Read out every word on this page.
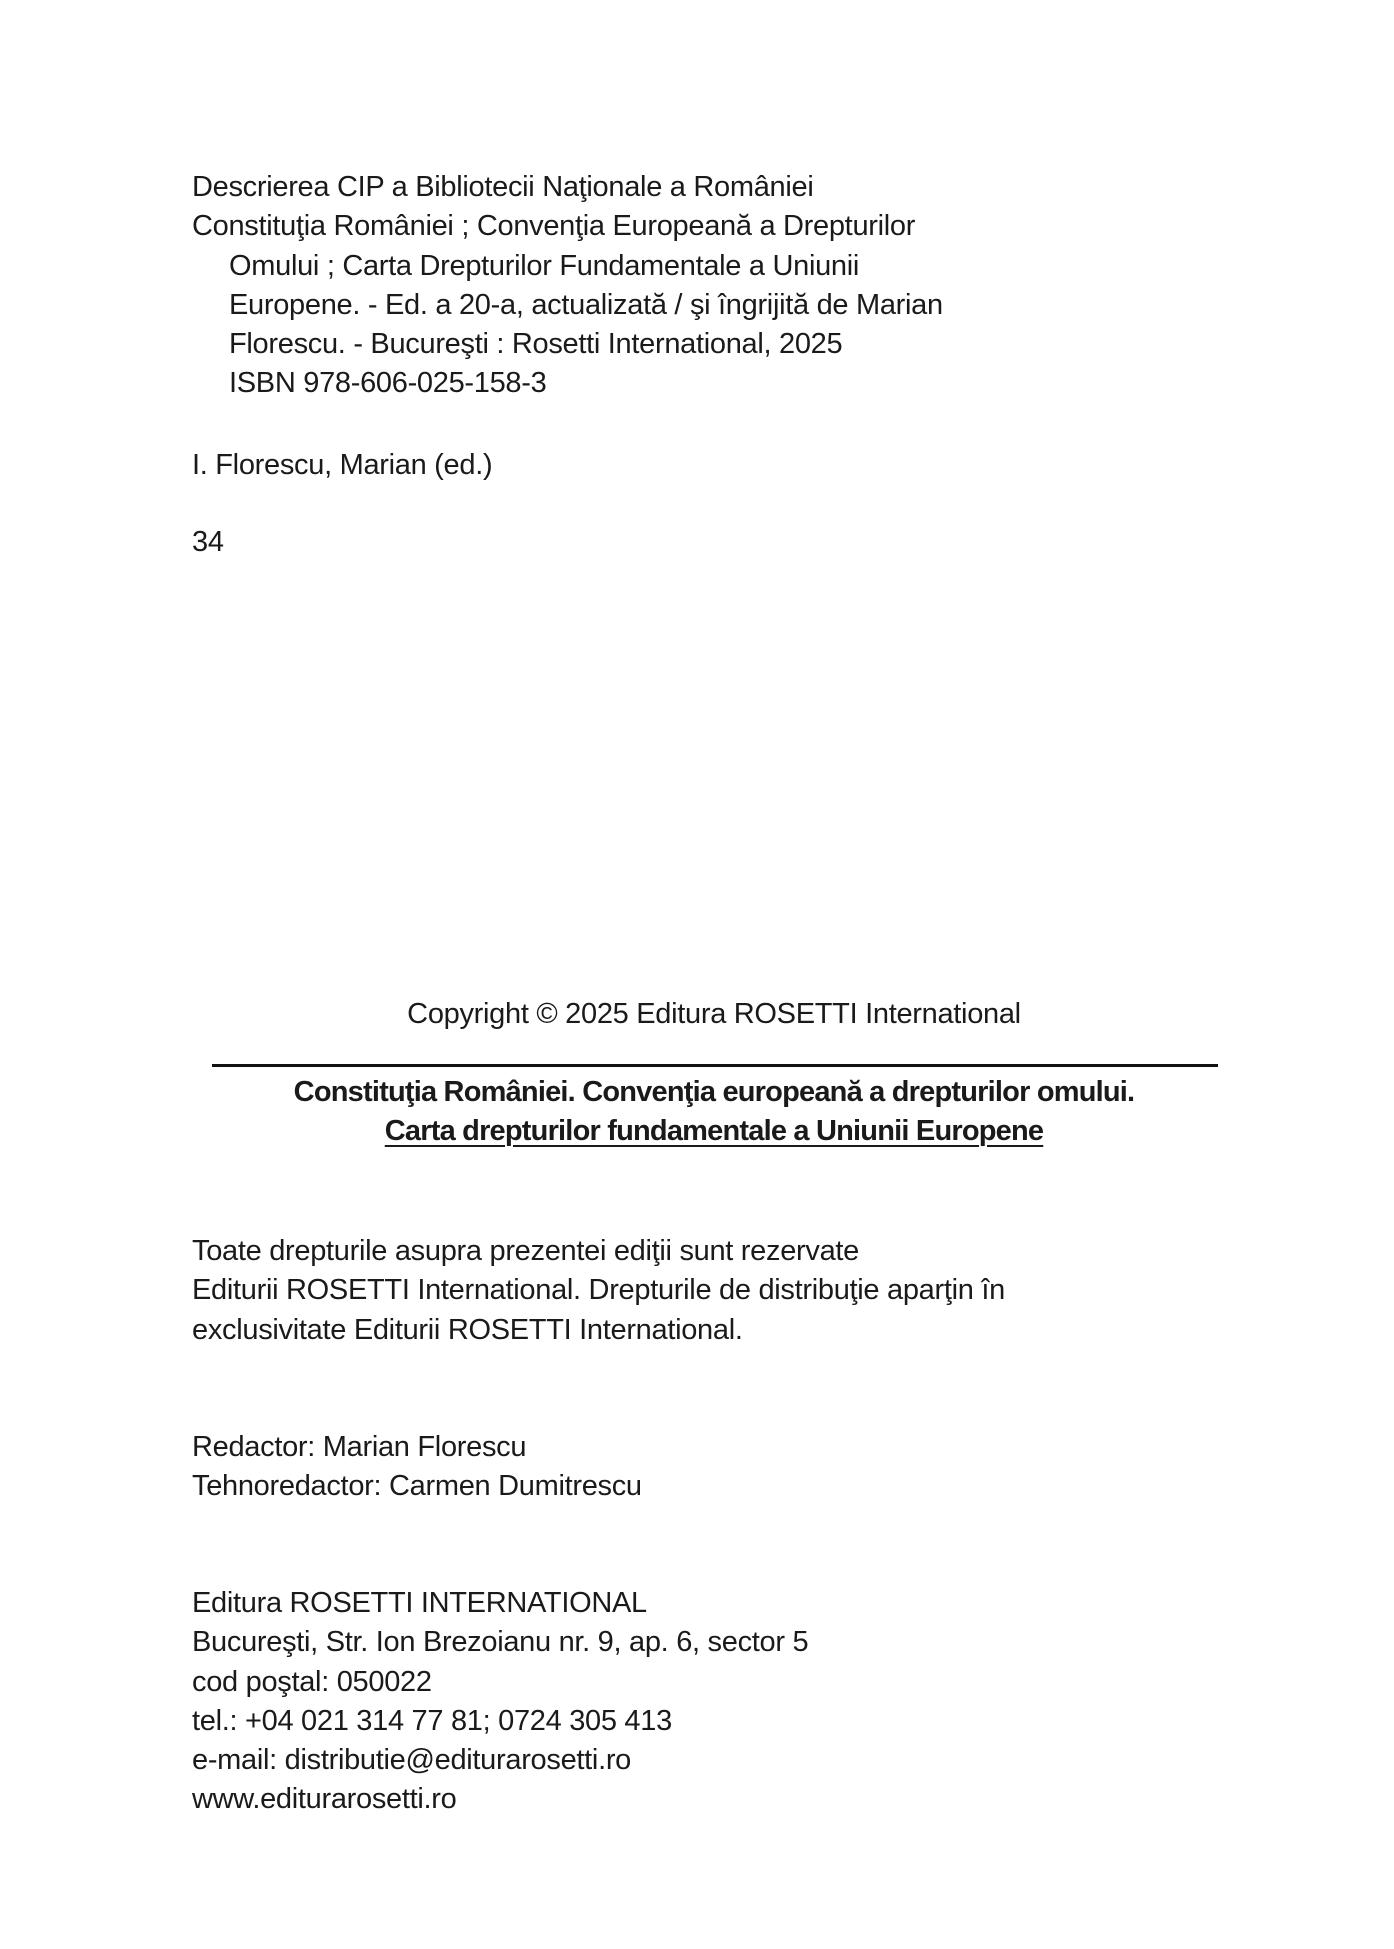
Descrierea CIP a Bibliotecii Naţionale a României
Constituţia României ; Convenţia Europeană a Drepturilor
Omului ; Carta Drepturilor Fundamentale a Uniunii
Europene. - Ed. a 20-a, actualizată / şi îngrijită de Marian
Florescu. - Bucureşti : Rosetti International, 2025
ISBN 978-606-025-158-3
I. Florescu, Marian (ed.)
34
Copyright © 2025 Editura ROSETTI International
Constituţia României. Convenţia europeană a drepturilor omului.
Carta drepturilor fundamentale a Uniunii Europene
Toate drepturile asupra prezentei ediţii sunt rezervate
Editurii ROSETTI International. Drepturile de distribuţie aparţin în
exclusivitate Editurii ROSETTI International.
Redactor: Marian Florescu
Tehnoredactor: Carmen Dumitrescu
Editura ROSETTI INTERNATIONAL
Bucureşti, Str. Ion Brezoianu nr. 9, ap. 6, sector 5
cod poştal: 050022
tel.: +04 021 314 77 81; 0724 305 413
e-mail: distributie@editurarosetti.ro
www.editurarosetti.ro
